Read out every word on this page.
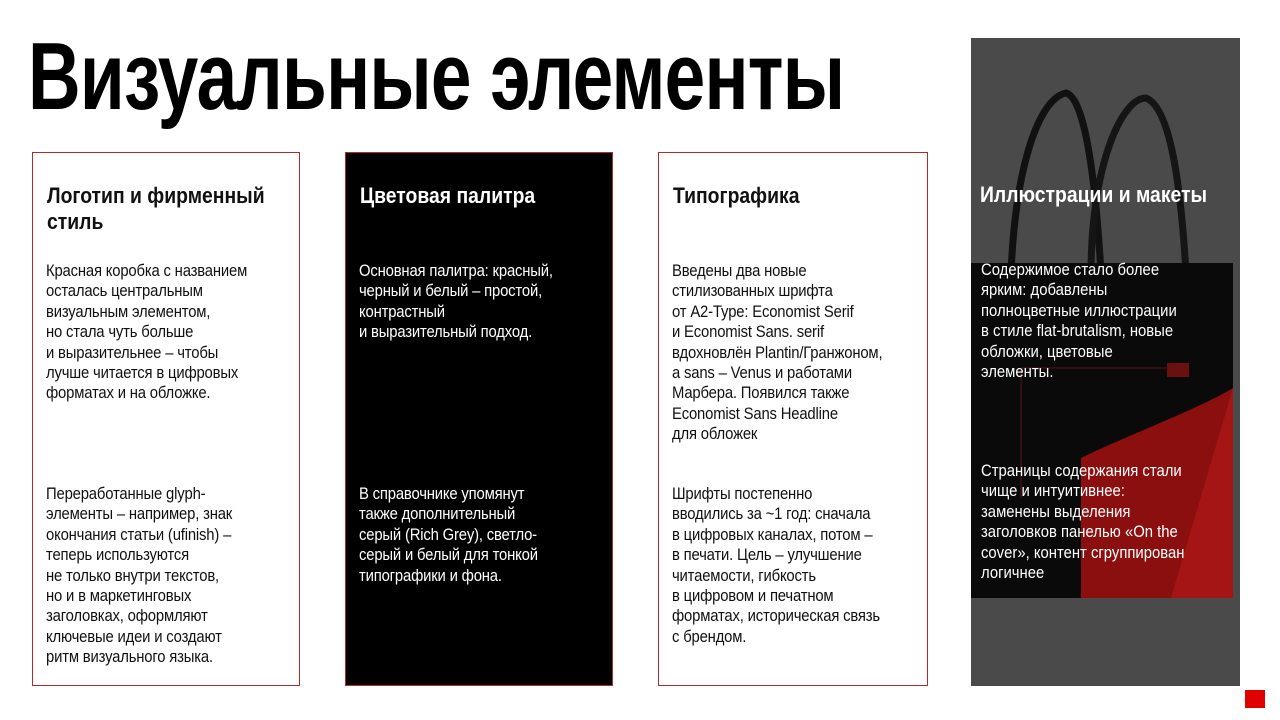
Визуальные элементы
Логотип и фирменный
стиль

Красная коробка с названием
осталась центральным
визуальным элементом,
но стала чуть больше
и выразительнее – чтобы
лучше читается в цифровых
форматах и на обложке.

Переработанные glyph-
элементы – например, знак
окончания статьи (ufinish) –
теперь используются
не только внутри текстов,
но и в маркетинговых
заголовках, оформляют
ключевые идеи и создают
ритм визуального языка.

Цветовая палитра

Основная палитра: красный,
черный и белый – простой,
контрастный
и выразительный подход.

В справочнике упомянут
также дополнительный
серый (Rich Grey), светло-
серый и белый для тонкой
типографики и фона.

Типографика

Введены два новые
стилизованных шрифта
от A2-Type: Economist Serif
и Economist Sans. serif
вдохновлён Plantin/Гранжоном,
a sans – Venus и работами
Марбера. Появился также
Economist Sans Headline
для обложек

Шрифты постепенно
вводились за ~1 год: сначала
в цифровых каналах, потом –
в печати. Цель – улучшение
читаемости, гибкость
в цифровом и печатном
форматах, историческая связь
с брендом.

Иллюстрации и макеты

Содержимое стало более
ярким: добавлены
полноцветные иллюстрации
в стиле flat-brutalism, новые
обложки, цветовые
элементы.

Страницы содержания стали
чище и интуитивнее:
заменены выделения
заголовков панелью «On the
cover», контент сгруппирован
логичнее
